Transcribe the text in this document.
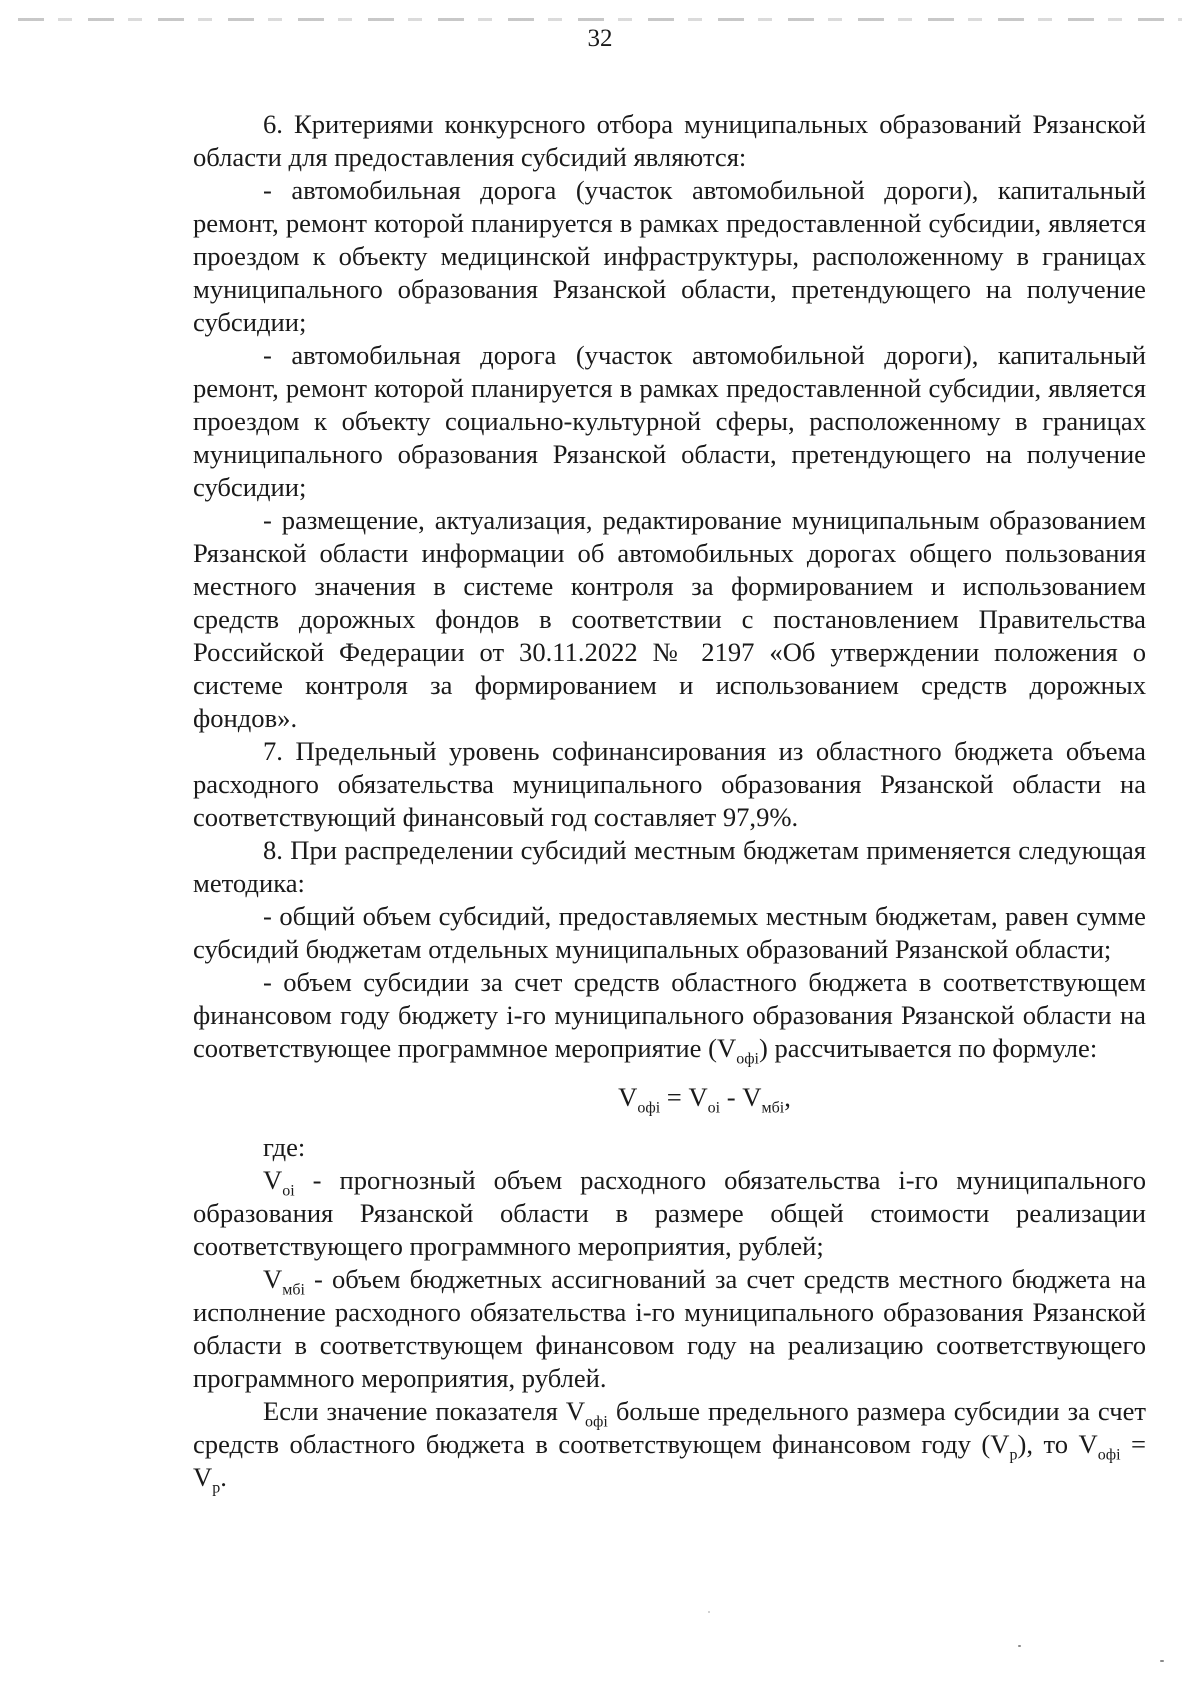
32

6. Критериями конкурсного отбора муниципальных образований Рязанской области для предоставления субсидий являются:

- автомобильная дорога (участок автомобильной дороги), капитальный ремонт, ремонт которой планируется в рамках предоставленной субсидии, является проездом к объекту медицинской инфраструктуры, расположенному в границах муниципального образования Рязанской области, претендующего на получение субсидии;

- автомобильная дорога (участок автомобильной дороги), капитальный ремонт, ремонт которой планируется в рамках предоставленной субсидии, является проездом к объекту социально-культурной сферы, расположенному в границах муниципального образования Рязанской области, претендующего на получение субсидии;

- размещение, актуализация, редактирование муниципальным образованием Рязанской области информации об автомобильных дорогах общего пользования местного значения в системе контроля за формированием и использованием средств дорожных фондов в соответствии с постановлением Правительства Российской Федерации от 30.11.2022 № 2197 «Об утверждении положения о системе контроля за формированием и использованием средств дорожных фондов».

7. Предельный уровень софинансирования из областного бюджета объема расходного обязательства муниципального образования Рязанской области на соответствующий финансовый год составляет 97,9%.

8. При распределении субсидий местным бюджетам применяется следующая методика:

- общий объем субсидий, предоставляемых местным бюджетам, равен сумме субсидий бюджетам отдельных муниципальных образований Рязанской области;

- объем субсидии за счет средств областного бюджета в соответствующем финансовом году бюджету i-го муниципального образования Рязанской области на соответствующее программное мероприятие $(V_{офі})$ рассчитывается по формуле:

$V_{офі} = V_{оі} - V_{мбі}$,

где:

$V_{оі}$ - прогнозный объем расходного обязательства i-го муниципального образования Рязанской области в размере общей стоимости реализации соответствующего программного мероприятия, рублей;

$V_{мбі}$ - объем бюджетных ассигнований за счет средств местного бюджета на исполнение расходного обязательства i-го муниципального образования Рязанской области в соответствующем финансовом году на реализацию соответствующего программного мероприятия, рублей.

Если значение показателя $V_{офі}$ больше предельного размера субсидии за счет средств областного бюджета в соответствующем финансовом году $(V_р)$, то $V_{офі} = V_р$.
